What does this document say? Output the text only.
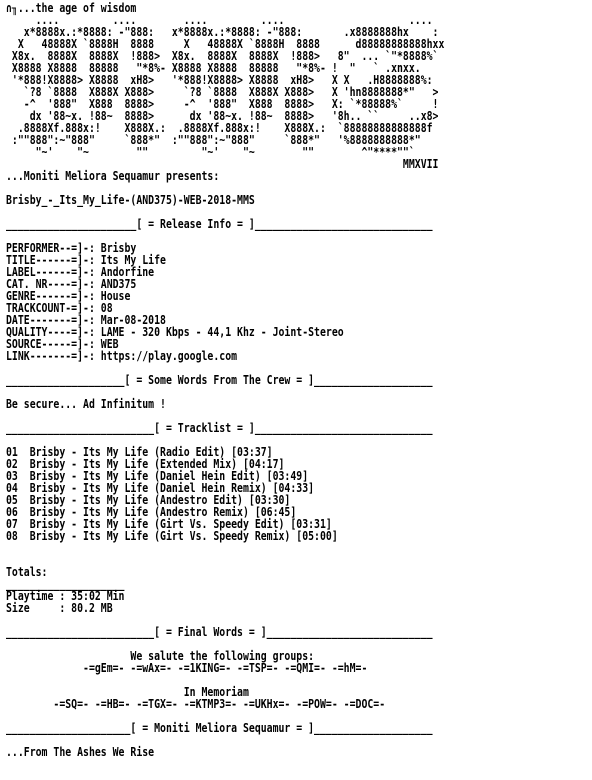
∩╖...the age of wisdom
....         ....        ....         ....                     ....
x*8888x.:*8888: -"888:   x*8888x.:*8888: -"888:       .x8888888hx    :
X   48888X `8888H  8888     X   48888X `8888H  8888      d88888888888hxx
X8x.  8888X  8888X  !888>  X8x.  8888X  8888X  !888>   8"  ... `"*8888%`
X8888 X8888  88888   "*8%- X8888 X8888  88888   "*8%- !  "   ` .xnxx.
'*888!X8888> X8888  xH8>   '*888!X8888> X8888  xH8>   X X   .H8888888%:
`?8 `8888  X888X X888>     `?8 `8888  X888X X888>   X 'hn8888888*"   >
-^  '888"  X888  8888>     -^  '888"  X888  8888>   X: `*88888%`     !
dx '88~x. !88~  8888>      dx '88~x. !88~  8888>   '8h.. ``     ..x8>
.8888Xf.888x:!    X888X.:  .8888Xf.888x:!    X888X.:  `88888888888888f
:""888":~"888"     `888*"  :""888":~"888"     `888*"   '%8888888888*"
"~'    "~        ""         "~'    "~        ""        ^"****""`
MMXVII
...Moniti Meliora Sequamur presents:
Brisby_-_Its_My_Life-(AND375)-WEB-2018-MMS
______________________[ = Release Info = ]______________________________
PERFORMER--=]-: Brisby
TITLE------=]-: Its My Life
LABEL------=]-: Andorfine
CAT. NR----=]-: AND375
GENRE------=]-: House
TRACKCOUNT-=]-: 08
DATE-------=]-: Mar-08-2018
QUALITY----=]-: LAME - 320 Kbps - 44,1 Khz - Joint-Stereo
SOURCE-----=]-: WEB
LINK-------=]-: https://play.google.com
____________________[ = Some Words From The Crew = ]____________________
Be secure... Ad Infinitum !
_________________________[ = Tracklist = ]______________________________
01  Brisby - Its My Life (Radio Edit) [03:37]
02  Brisby - Its My Life (Extended Mix) [04:17]
03  Brisby - Its My Life (Daniel Hein Edit) [03:49]
04  Brisby - Its My Life (Daniel Hein Remix) [04:33]
05  Brisby - Its My Life (Andestro Edit) [03:30]
06  Brisby - Its My Life (Andestro Remix) [06:45]
07  Brisby - Its My Life (Girt Vs. Speedy Edit) [03:31]
08  Brisby - Its My Life (Girt Vs. Speedy Remix) [05:00]
Totals:
____________________
Playtime : 35:02 Min
Size     : 80.2 MB
_________________________[ = Final Words = ]____________________________
We salute the following groups:
-=gEm=- -=wAx=- -=1KING=- -=TSP=- -=QMI=- -=hM=-
In Memoriam
-=SQ=- -=HB=- -=TGX=- -=KTMP3=- -=UKHx=- -=POW=- -=DOC=-
_____________________[ = Moniti Meliora Sequamur = ]____________________
...From The Ashes We Rise
